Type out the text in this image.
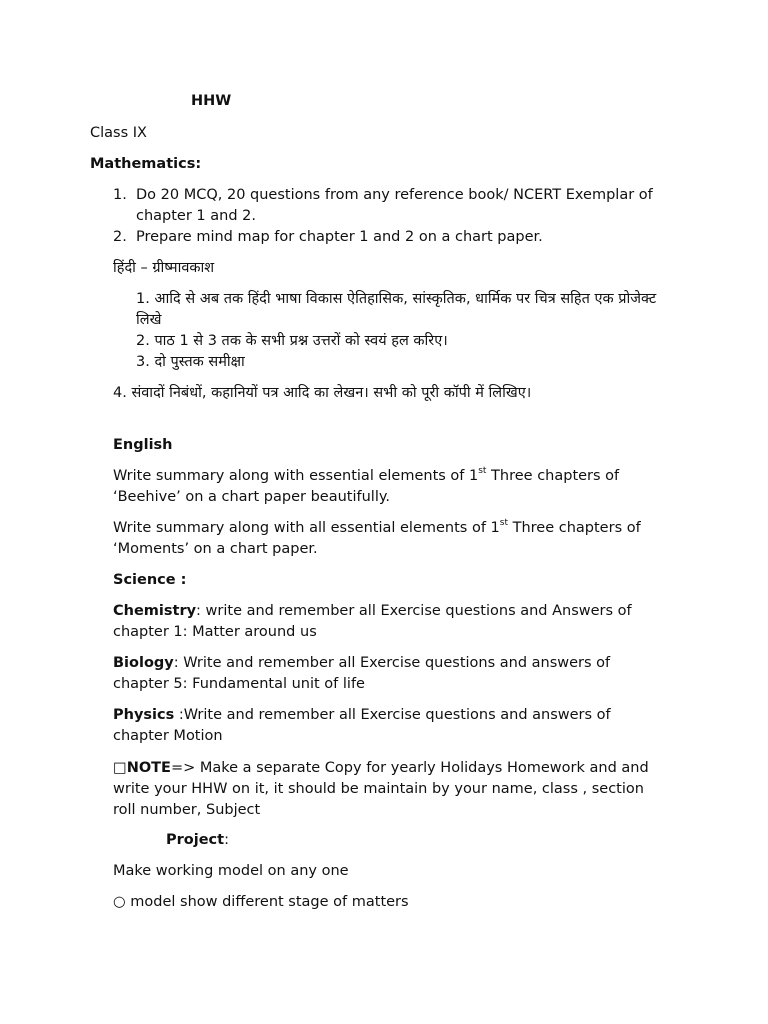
HHW
Class IX
Mathematics:
1. Do 20 MCQ, 20 questions from any reference book/ NCERT Exemplar of chapter 1 and 2.
2. Prepare mind map for chapter 1 and 2 on a chart paper.
हिंदी – ग्रीष्मावकाश
1. आदि से अब तक हिंदी भाषा विकास ऐतिहासिक, सांस्कृतिक, धार्मिक पर चित्र सहित एक प्रोजेक्ट लिखे
2. पाठ 1 से 3 तक के सभी प्रश्न उत्तरों को स्वयं हल करिए।
3. दो पुस्तक समीक्षा
4. संवादों निबंधों, कहानियों पत्र आदि का लेखन। सभी को पूरी कॉपी में लिखिए।
English
Write summary along with essential elements of 1st Three chapters of
‘Beehive’ on a chart paper beautifully.
Write summary along with all essential elements of 1st Three chapters of
‘Moments’ on a chart paper.
Science :
Chemistry: write and remember all Exercise questions and Answers of
chapter 1: Matter around us
Biology: Write and remember all Exercise questions and answers of
chapter 5: Fundamental unit of life
Physics :Write and remember all Exercise questions and answers of
chapter Motion
□NOTE=> Make a separate Copy for yearly Holidays Homework and and
write your HHW on it, it should be maintain by your name, class , section
roll number, Subject
Project:
Make working model on any one
○ model show different stage of matters
